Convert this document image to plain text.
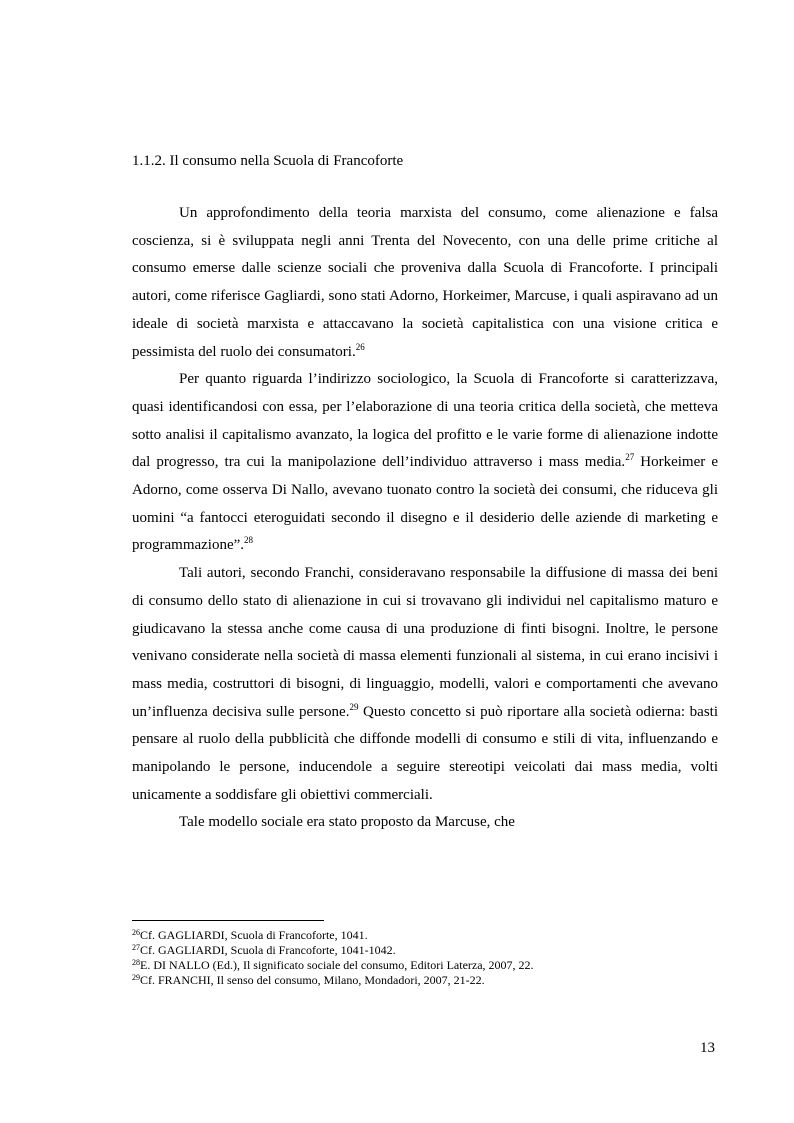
1.1.2. Il consumo nella Scuola di Francoforte

Un approfondimento della teoria marxista del consumo, come alienazione e falsa coscienza, si è sviluppata negli anni Trenta del Novecento, con una delle prime critiche al consumo emerse dalle scienze sociali che proveniva dalla Scuola di Francoforte. I principali autori, come riferisce Gagliardi, sono stati Adorno, Horkeimer, Marcuse, i quali aspiravano ad un ideale di società marxista e attaccavano la società capitalistica con una visione critica e pessimista del ruolo dei consumatori.$^{26}$

Per quanto riguarda l’indirizzo sociologico, la Scuola di Francoforte si caratterizzava, quasi identificandosi con essa, per l’elaborazione di una teoria critica della società, che metteva sotto analisi il capitalismo avanzato, la logica del profitto e le varie forme di alienazione indotte dal progresso, tra cui la manipolazione dell’individuo attraverso i mass media.$^{27}$ Horkeimer e Adorno, come osserva Di Nallo, avevano tuonato contro la società dei consumi, che riduceva gli uomini “a fantocci eteroguidati secondo il disegno e il desiderio delle aziende di marketing e programmazione”.$^{28}$

Tali autori, secondo Franchi, consideravano responsabile la diffusione di massa dei beni di consumo dello stato di alienazione in cui si trovavano gli individui nel capitalismo maturo e giudicavano la stessa anche come causa di una produzione di finti bisogni. Inoltre, le persone venivano considerate nella società di massa elementi funzionali al sistema, in cui erano incisivi i mass media, costruttori di bisogni, di linguaggio, modelli, valori e comportamenti che avevano un’influenza decisiva sulle persone.$^{29}$ Questo concetto si può riportare alla società odierna: basti pensare al ruolo della pubblicità che diffonde modelli di consumo e stili di vita, influenzando e manipolando le persone, inducendole a seguire stereotipi veicolati dai mass media, volti unicamente a soddisfare gli obiettivi commerciali.

Tale modello sociale era stato proposto da Marcuse, che

$^{26}$Cf. GAGLIARDI, Scuola di Francoforte, 1041.
$^{27}$Cf. GAGLIARDI, Scuola di Francoforte, 1041-1042.
$^{28}$E. DI NALLO (Ed.), Il significato sociale del consumo, Editori Laterza, 2007, 22.
$^{29}$Cf. FRANCHI, Il senso del consumo, Milano, Mondadori, 2007, 21-22.
13
